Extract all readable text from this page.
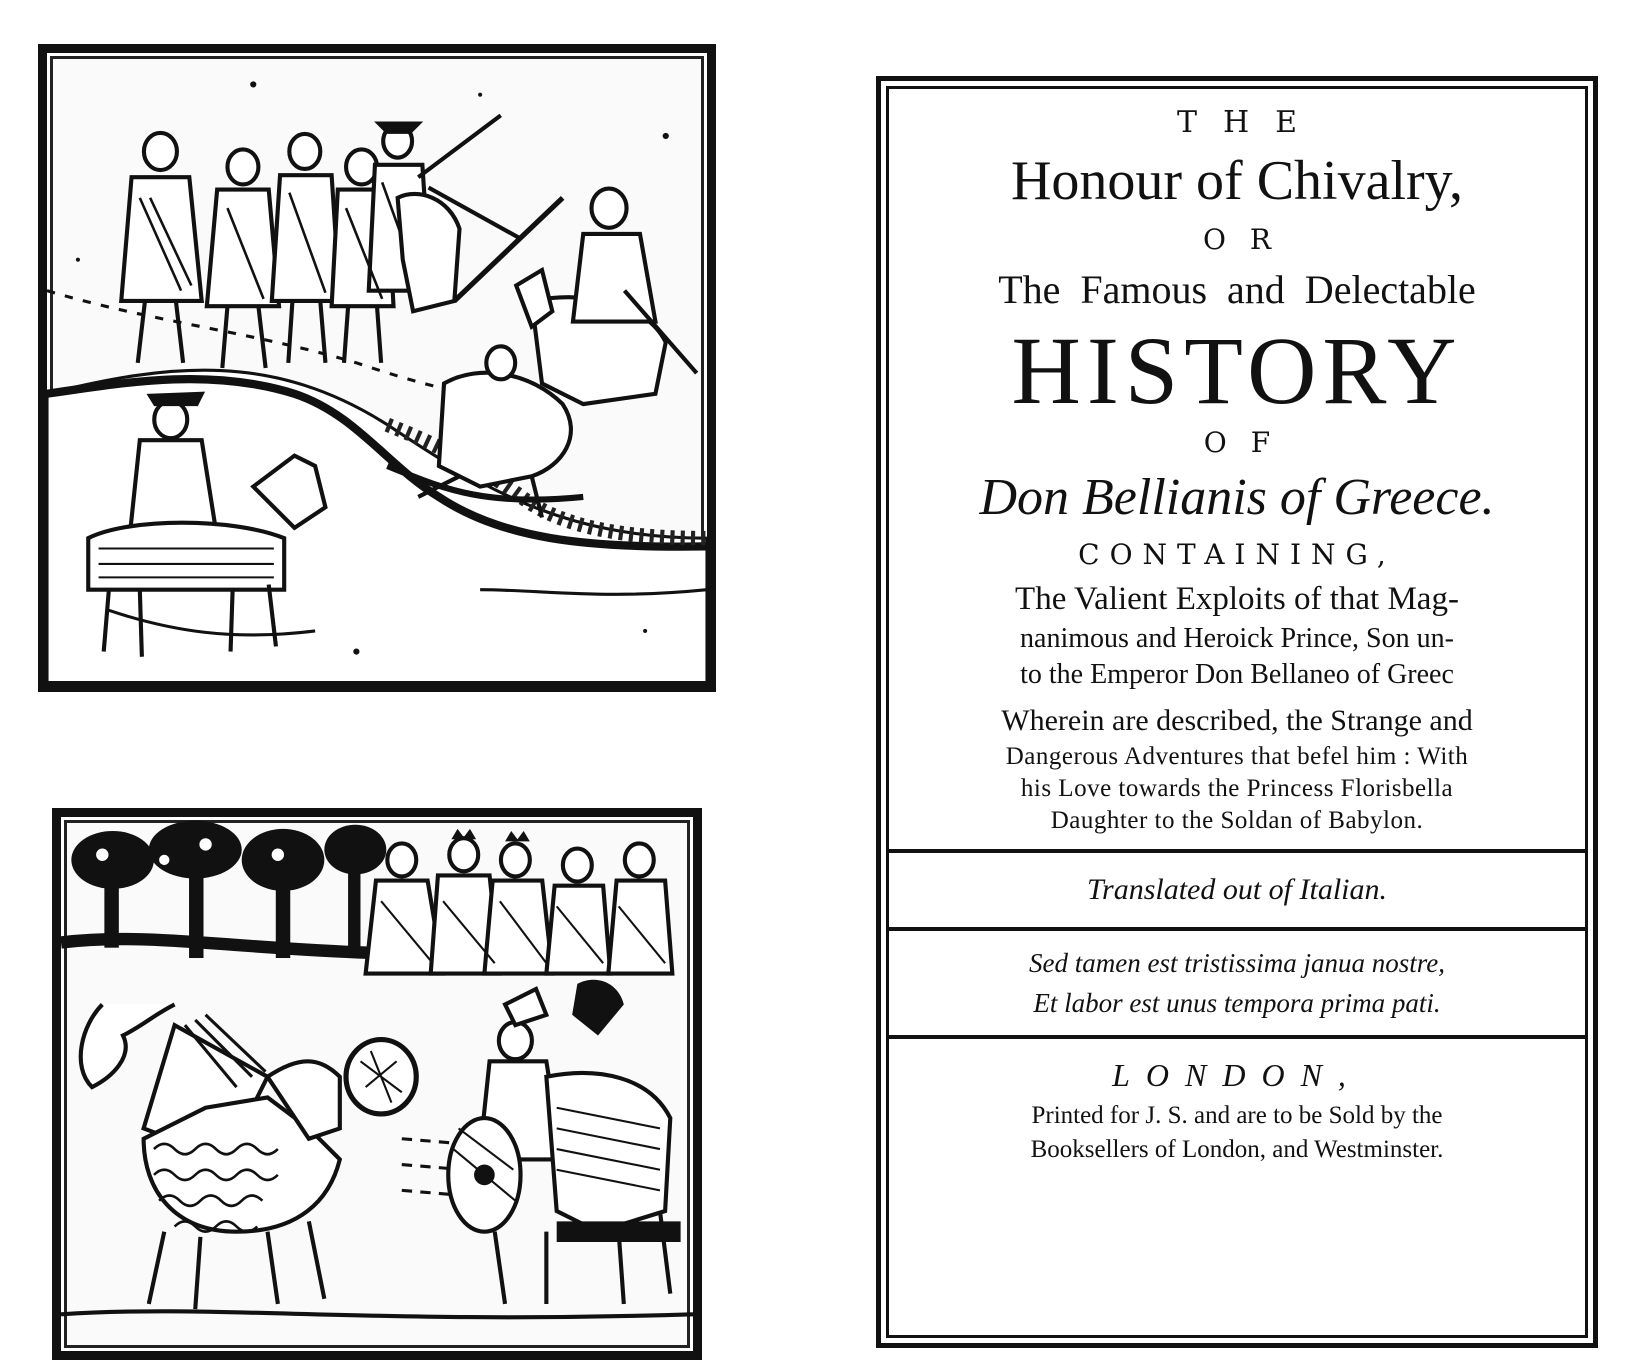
THE
Honour of Chivalry,
OR
The Famous and Delectable
HISTORY
OF
Don Bellianis of Greece.
CONTAINING,
The Valient Exploits of that Mag-
nanimous and Heroick Prince, Son un-
to the Emperor Don Bellaneo of Greec
Wherein are described, the Strange and
Dangerous Adventures that befel him : With
his Love towards the Princess Florisbella
Daughter to the Soldan of Babylon.
Translated out of Italian.
Sed tamen est tristissima janua nostre,
Et labor est unus tempora prima pati.
LONDON,
Printed for J. S. and are to be Sold by the
Booksellers of London, and Westminster.
